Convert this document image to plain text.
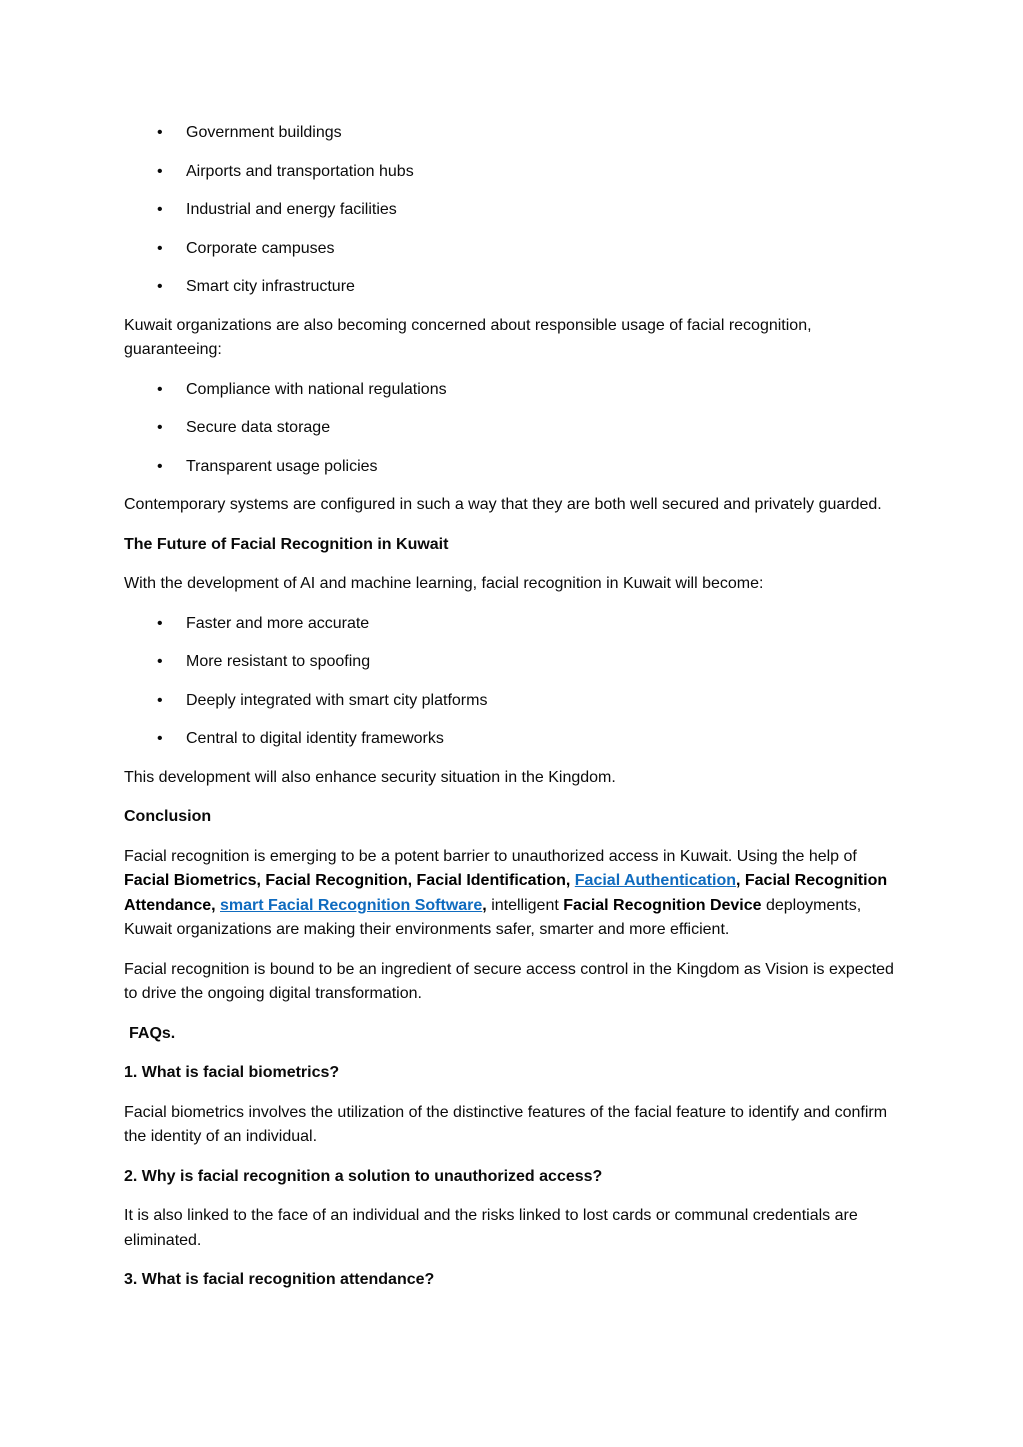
• Government buildings
• Airports and transportation hubs
• Industrial and energy facilities
• Corporate campuses
• Smart city infrastructure

Kuwait organizations are also becoming concerned about responsible usage of facial recognition, guaranteeing:

• Compliance with national regulations
• Secure data storage
• Transparent usage policies

Contemporary systems are configured in such a way that they are both well secured and privately guarded.

The Future of Facial Recognition in Kuwait

With the development of AI and machine learning, facial recognition in Kuwait will become:

• Faster and more accurate
• More resistant to spoofing
• Deeply integrated with smart city platforms
• Central to digital identity frameworks

This development will also enhance security situation in the Kingdom.

Conclusion

Facial recognition is emerging to be a potent barrier to unauthorized access in Kuwait. Using the help of Facial Biometrics, Facial Recognition, Facial Identification, Facial Authentication, Facial Recognition Attendance, smart Facial Recognition Software, intelligent Facial Recognition Device deployments, Kuwait organizations are making their environments safer, smarter and more efficient.

Facial recognition is bound to be an ingredient of secure access control in the Kingdom as Vision is expected to drive the ongoing digital transformation.

FAQs.

1. What is facial biometrics?

Facial biometrics involves the utilization of the distinctive features of the facial feature to identify and confirm the identity of an individual.

2. Why is facial recognition a solution to unauthorized access?

It is also linked to the face of an individual and the risks linked to lost cards or communal credentials are eliminated.

3. What is facial recognition attendance?
